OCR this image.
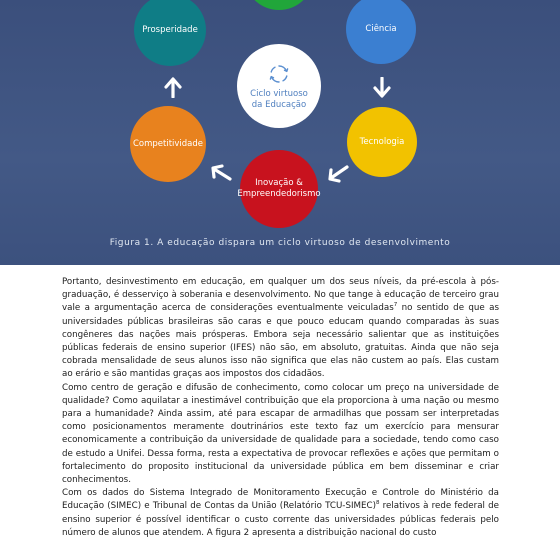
Prosperidade	Ciência
Ciclo virtuoso
da Educação
Competitividade	Tecnologia
Inovação &
Empreendedorismo
Figura 1. A educação dispara um ciclo virtuoso de desenvolvimento

Portanto, desinvestimento em educação, em qualquer um dos seus níveis, da pré-escola à pós-graduação, é desserviço à soberania e desenvolvimento. No que tange à educação de terceiro grau vale a argumentação acerca de considerações eventualmente veiculadas$^7$ no sentido de que as universidades públicas brasileiras são caras e que pouco educam quando comparadas às suas congêneres das nações mais prósperas. Embora seja necessário salientar que as instituições públicas federais de ensino superior (IFES) não são, em absoluto, gratuitas. Ainda que não seja cobrada mensalidade de seus alunos isso não significa que elas não custem ao país. Elas custam ao erário e são mantidas graças aos impostos dos cidadãos.

Como centro de geração e difusão de conhecimento, como colocar um preço na universidade de qualidade? Como aquilatar a inestimável contribuição que ela proporciona à uma nação ou mesmo para a humanidade? Ainda assim, até para escapar de armadilhas que possam ser interpretadas como posicionamentos meramente doutrinários este texto faz um exercício para mensurar economicamente a contribuição da universidade de qualidade para a sociedade, tendo como caso de estudo a Unifei. Dessa forma, resta a expectativa de provocar reflexões e ações que permitam o fortalecimento do proposito institucional da universidade pública em bem disseminar e criar conhecimentos.

Com os dados do Sistema Integrado de Monitoramento Execução e Controle do Ministério da Educação (SIMEC) e Tribunal de Contas da União (Relatório TCU-SIMEC)$^8$ relativos à rede federal de ensino superior é possível identificar o custo corrente das universidades públicas federais pelo número de alunos que atendem. A figura 2 apresenta a distribuição nacional do custo
